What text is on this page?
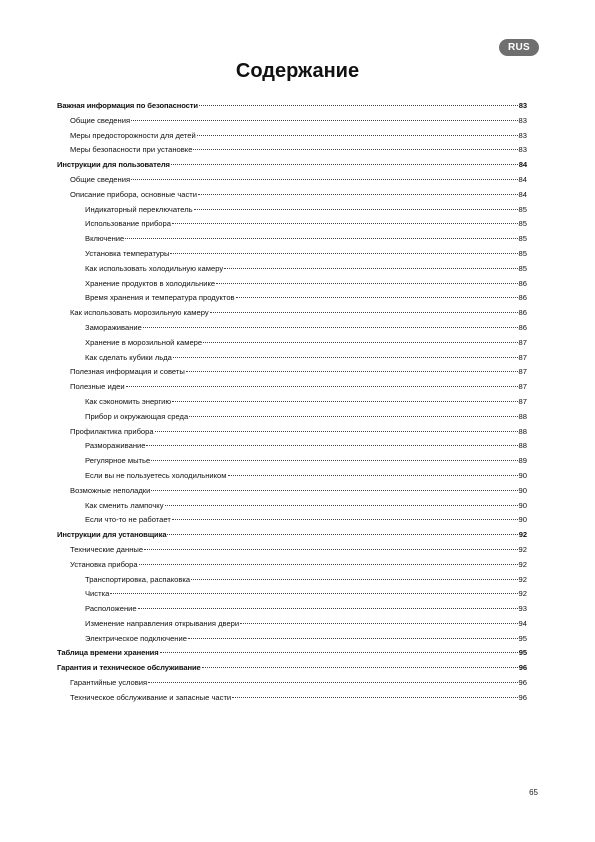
RUS
Содержание
Важная информация по безопасности	83
Общие сведения	83
Меры предосторожности для детей	83
Меры безопасности при установке	83
Инструкции для пользователя	84
Общие сведения	84
Описание прибора, основные части	84
Индикаторный переключатель	85
Использование прибора	85
Включение	85
Установка температуры	85
Как использовать холодильную камеру	85
Хранение продуктов в холодильнике	86
Время хранения и температура продуктов	86
Как использовать морозильную камеру	86
Замораживание	86
Хранение в морозильной камере	87
Как сделать кубики льда	87
Полезная информация и советы	87
Полезные идеи	87
Как сэкономить энергию	87
Прибор и окружающая среда	88
Профилактика прибора	88
Размораживание	88
Регулярное мытье	89
Если вы не пользуетесь холодильником	90
Возможные неполадки	90
Как сменить лампочку	90
Если что-то не работает	90
Инструкции для установщика	92
Технические данные	92
Установка прибора	92
Транспортировка, распаковка	92
Чистка	92
Расположение	93
Изменение направления открывания двери	94
Электрическое подключение	95
Таблица времени хранения	95
Гарантия и техническое обслуживание	96
Гарантийные условия	96
Техническое обслуживание и запасные части	96
65
